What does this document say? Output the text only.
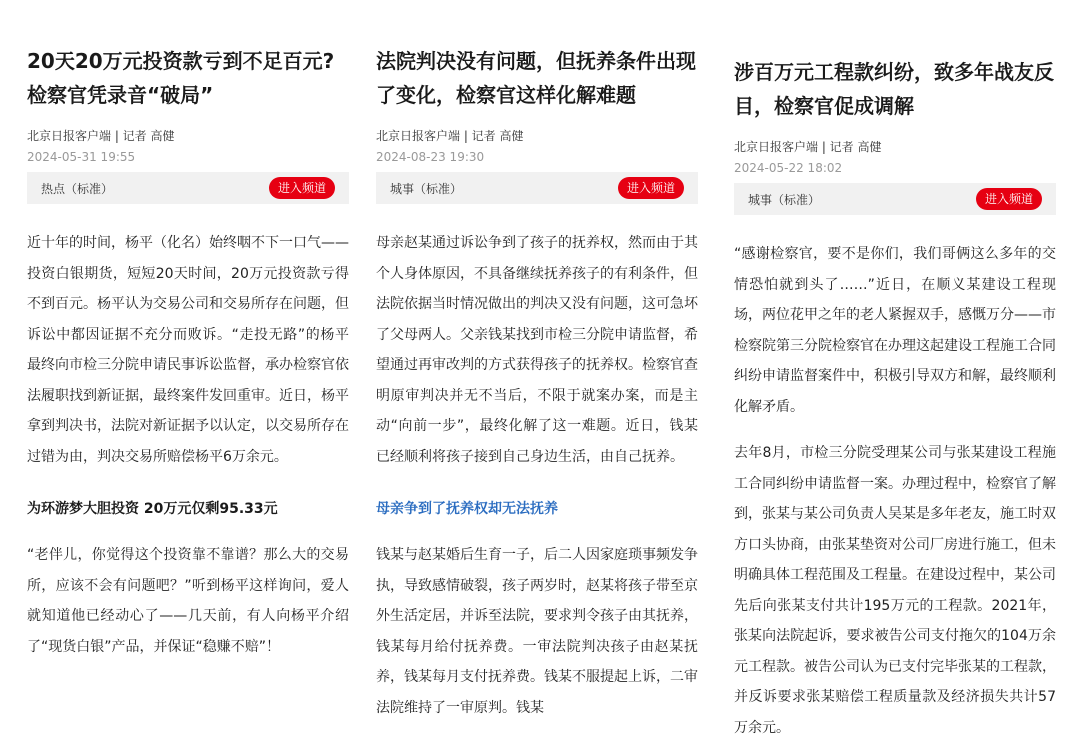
20天20万元投资款亏到不足百元?检察官凭录音“破局”
北京日报客户端 | 记者 高健
2024-05-31 19:55
热点（标准）	进入频道

近十年的时间，杨平（化名）始终咽不下一口气——投资白银期货，短短20天时间，20万元投资款亏得不到百元。杨平认为交易公司和交易所存在问题，但诉讼中都因证据不充分而败诉。“走投无路”的杨平最终向市检三分院申请民事诉讼监督，承办检察官依法履职找到新证据，最终案件发回重审。近日，杨平拿到判决书，法院对新证据予以认定，以交易所存在过错为由，判决交易所赔偿杨平6万余元。

为环游梦大胆投资 20万元仅剩95.33元

“老伴儿，你觉得这个投资靠不靠谱？那么大的交易所，应该不会有问题吧？”听到杨平这样询问，爱人就知道他已经动心了——几天前，有人向杨平介绍了“现货白银”产品，并保证“稳赚不赔”！

法院判决没有问题，但抚养条件出现了变化，检察官这样化解难题
北京日报客户端 | 记者 高健
2024-08-23 19:30
城事（标准）	进入频道

母亲赵某通过诉讼争到了孩子的抚养权，然而由于其个人身体原因，不具备继续抚养孩子的有利条件，但法院依据当时情况做出的判决又没有问题，这可急坏了父母两人。父亲钱某找到市检三分院申请监督，希望通过再审改判的方式获得孩子的抚养权。检察官查明原审判决并无不当后，不限于就案办案，而是主动“向前一步”，最终化解了这一难题。近日，钱某已经顺利将孩子接到自己身边生活，由自己抚养。

母亲争到了抚养权却无法抚养

钱某与赵某婚后生育一子，后二人因家庭琐事频发争执，导致感情破裂，孩子两岁时，赵某将孩子带至京外生活定居，并诉至法院，要求判令孩子由其抚养，钱某每月给付抚养费。一审法院判决孩子由赵某抚养，钱某每月支付抚养费。钱某不服提起上诉，二审法院维持了一审原判。钱某

涉百万元工程款纠纷，致多年战友反目，检察官促成调解
北京日报客户端 | 记者 高健
2024-05-22 18:02
城事（标准）	进入频道

“感谢检察官，要不是你们，我们哥俩这么多年的交情恐怕就到头了……”近日，在顺义某建设工程现场，两位花甲之年的老人紧握双手，感慨万分——市检察院第三分院检察官在办理这起建设工程施工合同纠纷申请监督案件中，积极引导双方和解，最终顺利化解矛盾。

去年8月，市检三分院受理某公司与张某建设工程施工合同纠纷申请监督一案。办理过程中，检察官了解到，张某与某公司负责人吴某是多年老友，施工时双方口头协商，由张某垫资对公司厂房进行施工，但未明确具体工程范围及工程量。在建设过程中，某公司先后向张某支付共计195万元的工程款。2021年，张某向法院起诉，要求被告公司支付拖欠的104万余元工程款。被告公司认为已支付完毕张某的工程款，并反诉要求张某赔偿工程质量款及经济损失共计57万余元。
